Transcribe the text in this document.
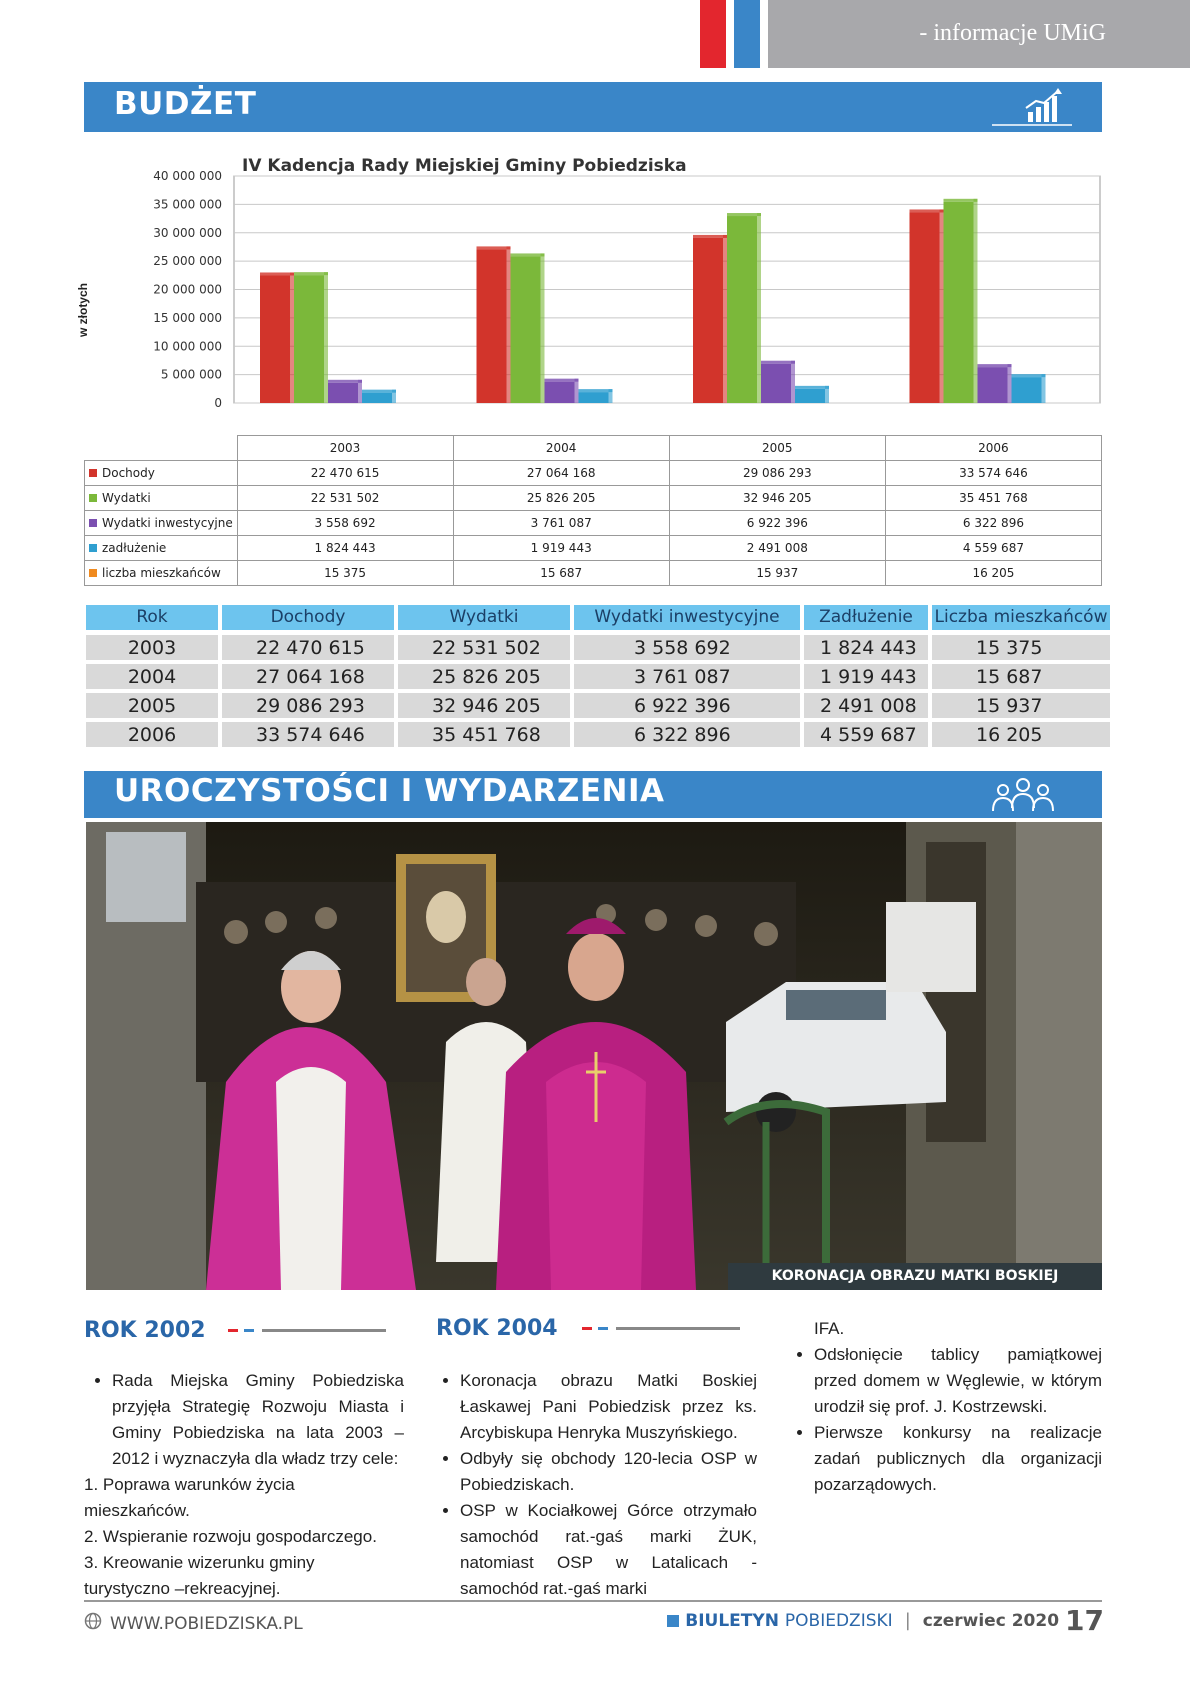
- informacje UMiG
BUDŻET
IV Kadencja Rady Miejskiej Gminy Pobiedziska
w złotych
40 000 000
35 000 000
30 000 000
25 000 000
20 000 000
15 000 000
10 000 000
5 000 000
0
	2003	2004	2005	2006
Dochody	22 470 615	27 064 168	29 086 293	33 574 646
Wydatki	22 531 502	25 826 205	32 946 205	35 451 768
Wydatki inwestycyjne	3 558 692	3 761 087	6 922 396	6 322 896
zadłużenie	1 824 443	1 919 443	2 491 008	4 559 687
liczba mieszkańców	15 375	15 687	15 937	16 205
Rok	Dochody	Wydatki	Wydatki inwestycyjne	Zadłużenie	Liczba mieszkańców
2003	22 470 615	22 531 502	3 558 692	1 824 443	15 375
2004	27 064 168	25 826 205	3 761 087	1 919 443	15 687
2005	29 086 293	32 946 205	6 922 396	2 491 008	15 937
2006	33 574 646	35 451 768	6 322 896	4 559 687	16 205
UROCZYSTOŚCI I WYDARZENIA
KORONACJA OBRAZU MATKI BOSKIEJ
ROK 2002
• Rada Miejska Gminy Pobiedziska przyjęła Strategię Rozwoju Miasta i Gminy Pobiedziska na lata 2003 – 2012 i wyznaczyła dla władz trzy cele:
1. Poprawa warunków życia mieszkańców.
2. Wspieranie rozwoju gospodarczego.
3. Kreowanie wizerunku gminy turystyczno –rekreacyjnej.
ROK 2004
• Koronacja obrazu Matki Boskiej Łaskawej Pani Pobiedzisk przez ks. Arcybiskupa Henryka Muszyńskiego.
• Odbyły się obchody 120-lecia OSP w Pobiedziskach.
• OSP w Kociałkowej Górce otrzymało samochód rat.-gaś marki ŻUK, natomiast OSP w Latalicach - samochód rat.-gaś marki
IFA.
• Odsłonięcie tablicy pamiątkowej przed domem w Węglewie, w którym urodził się prof. J. Kostrzewski.
• Pierwsze konkursy na realizacje zadań publicznych dla organizacji pozarządowych.
WWW.POBIEDZISKA.PL	BIULETYN POBIEDZISKI | czerwiec 2020 17
